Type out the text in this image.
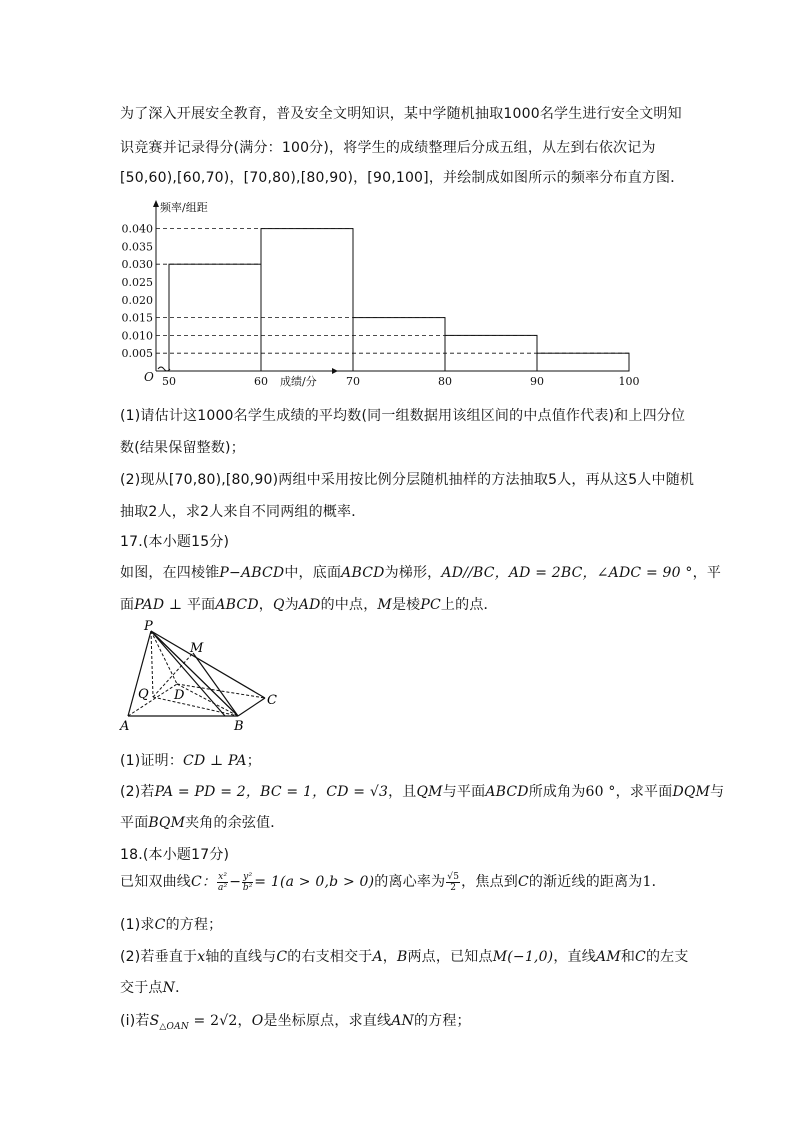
为了深入开展安全教育，普及安全文明知识，某中学随机抽取1000名学生进行安全文明知
识竞赛并记录得分(满分：100分)，将学生的成绩整理后分成五组，从左到右依次记为
[50,60),[60,70)，[70,80),[80,90)，[90,100]，并绘制成如图所示的频率分布直方图．
0.005
0.010
0.015
0.020
0.025
0.030
0.035
0.040
50	60	70	80	90	100
O
频率/组距
成绩/分
(1)请估计这1000名学生成绩的平均数(同一组数据用该组区间的中点值作代表)和上四分位
数(结果保留整数)；
(2)现从[70,80),[80,90)两组中采用按比例分层随机抽样的方法抽取5人，再从这5人中随机
抽取2人，求2人来自不同两组的概率．
17.(本小题15分)
如图，在四棱锥P−ABCD中，底面ABCD为梯形，AD//BC，AD = 2BC，∠ADC = 90 °，平
面PAD ⊥ 平面ABCD，Q为AD的中点，M是棱PC上的点．
P
M
Q D
A	B
C
(1)证明：CD ⊥ PA；
(2)若PA = PD = 2，BC = 1，CD = √3，且QM与平面ABCD所成角为60 °，求平面DQM与
平面BQM夹角的余弦值．
18.(本小题17分)
已知双曲线C： $\frac{\text{x²}}{\text{a²}} - \frac{\text{y²}}{\text{b²}} = 1(a > 0,b > 0)$的离心率为 $\frac{√5}{2}$ ，焦点到C的渐近线的距离为1．
(1)求C的方程；
(2)若垂直于x轴的直线与C的右支相交于A，B两点，已知点M(−1,0)，直线AM和C的左支
交于点N．
(ⅰ)若$S_{\triangle OAN} = 2√2$，O是坐标原点，求直线AN的方程；
